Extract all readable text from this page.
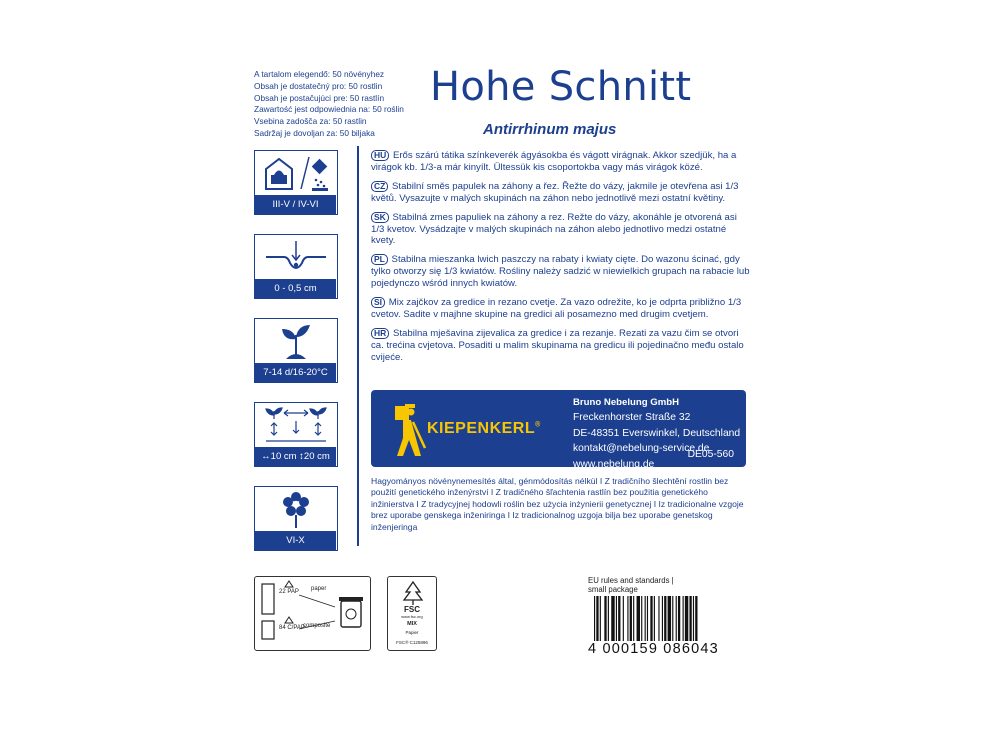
A tartalom elegendő: 50 növényhez
Obsah je dostatečný pro: 50 rostlin
Obsah je postačujúci pre: 50 rastlín
Zawartość jest odpowiednia na: 50 roślin
Vsebina zadošča za: 50 rastlin
Sadržaj je dovoljan za: 50 biljaka
Hohe Schnitt
Antirrhinum majus
III-V / IV-VI
0 - 0,5 cm
7-14 d/16-20°C
↔10 cm ↕20 cm
VI-X
HU Erős szárú tátika színkeverék ágyásokba és vágott virágnak. Akkor szedjük, ha a virágok kb. 1/3-a már kinyílt. Ültessük kis csoportokba vagy más virágok közé.
CZ Stabilní směs papulek na záhony a řez. Řežte do vázy, jakmile je otevřena asi 1/3 květů. Vysazujte v malých skupinách na záhon nebo jednotlivě mezi ostatní květiny.
SK Stabilná zmes papuliek na záhony a rez. Režte do vázy, akonáhle je otvorená asi 1/3 kvetov. Vysádzajte v malých skupinách na záhon alebo jednotlivo medzi ostatné kvety.
PL Stabilna mieszanka lwich paszczy na rabaty i kwiaty cięte. Do wazonu ścinać, gdy tylko otworzy się 1/3 kwiatów. Rośliny należy sadzić w niewielkich grupach na rabacie lub pojedynczo wśród innych kwiatów.
SI Mix zajčkov za gredice in rezano cvetje. Za vazo odrežite, ko je odprta približno 1/3 cvetov. Sadite v majhne skupine na gredici ali posamezno med drugim cvetjem.
HR Stabilna mješavina zijevalica za gredice i za rezanje. Rezati za vazu čim se otvori ca. trećina cvjetova. Posaditi u malim skupinama na gredicu ili pojedinačno među ostalo cvijeće.
KIEPENKERL®
Bruno Nebelung GmbH
Freckenhorster Straße 32
DE-48351 Everswinkel, Deutschland
kontakt@nebelung-service.de
www.nebelung.de
DE05-560
Hagyományos növénynemesítés által, génmódosítás nélkül I Z tradičního šlechtění rostlin bez použití genetického inženýrství I Z tradičného šľachtenia rastlín bez použitia genetického inžinierstva I Z tradycyjnej hodowli roślin bez użycia inżynierii genetycznej I Iz tradicionalne vzgoje brez uporabe genskega inženiringa I Iz tradicionalnog uzgoja bilja bez uporabe genetskog inženjeringa
22 PAP
84 C/PAP
paper
composite
FSC
www.fsc.org
MIX
Papier
FSC® C125896
EU rules and standards |
small package
4 000159 086043
